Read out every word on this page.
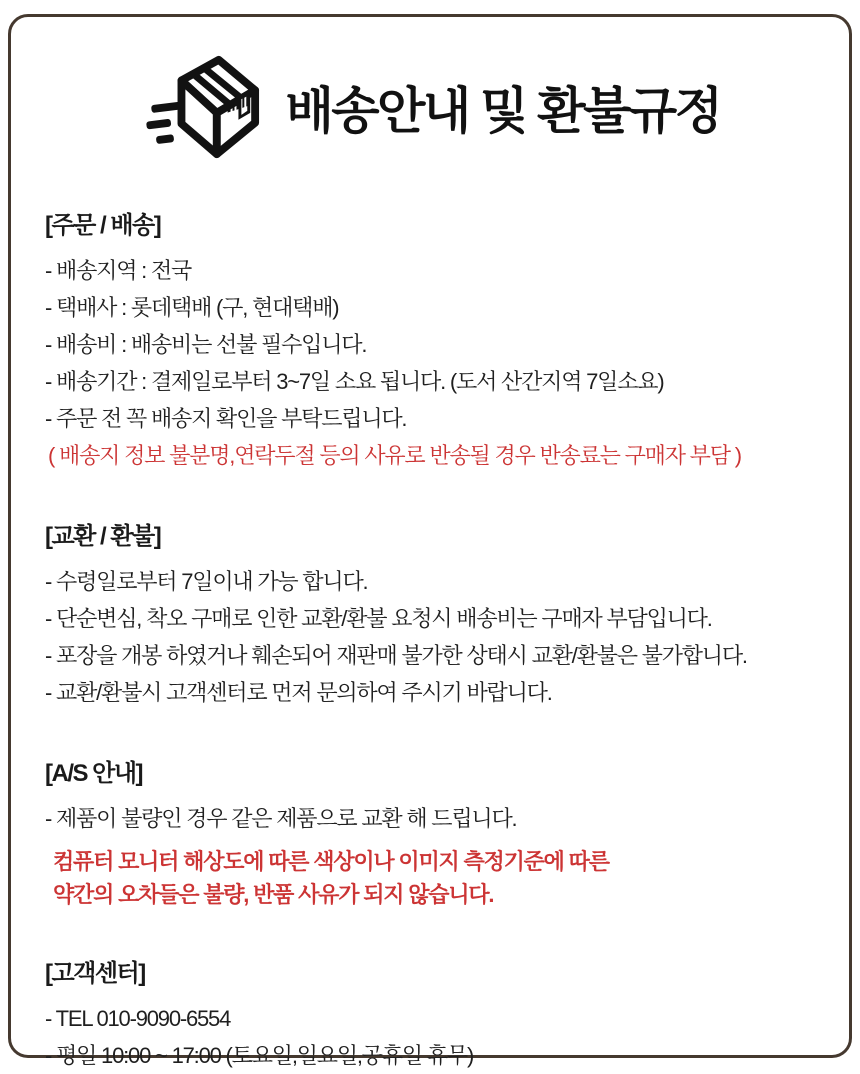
배송안내 및 환불규정
[주문 / 배송]
- 배송지역 : 전국
- 택배사 : 롯데택배 (구, 현대택배)
- 배송비 : 배송비는 선불 필수입니다.
- 배송기간 : 결제일로부터 3~7일 소요 됩니다. (도서 산간지역 7일소요)
- 주문 전 꼭 배송지 확인을 부탁드립니다.
( 배송지 정보 불분명,연락두절 등의 사유로 반송될 경우 반송료는 구매자 부담 )
[교환 / 환불]
- 수령일로부터 7일이내 가능 합니다.
- 단순변심, 착오 구매로 인한 교환/환불 요청시 배송비는 구매자 부담입니다.
- 포장을 개봉 하였거나 훼손되어 재판매 불가한 상태시 교환/환불은 불가합니다.
- 교환/환불시 고객센터로 먼저 문의하여 주시기 바랍니다.
[A/S 안내]
- 제품이 불량인 경우 같은 제품으로 교환 해 드립니다.
컴퓨터 모니터 해상도에 따른 색상이나 이미지 측정기준에 따른
약간의 오차들은 불량, 반품 사유가 되지 않습니다.
[고객센터]
- TEL 010-9090-6554
- 평일 10:00 ~ 17:00 (토요일,일요일,공휴일 휴무)
